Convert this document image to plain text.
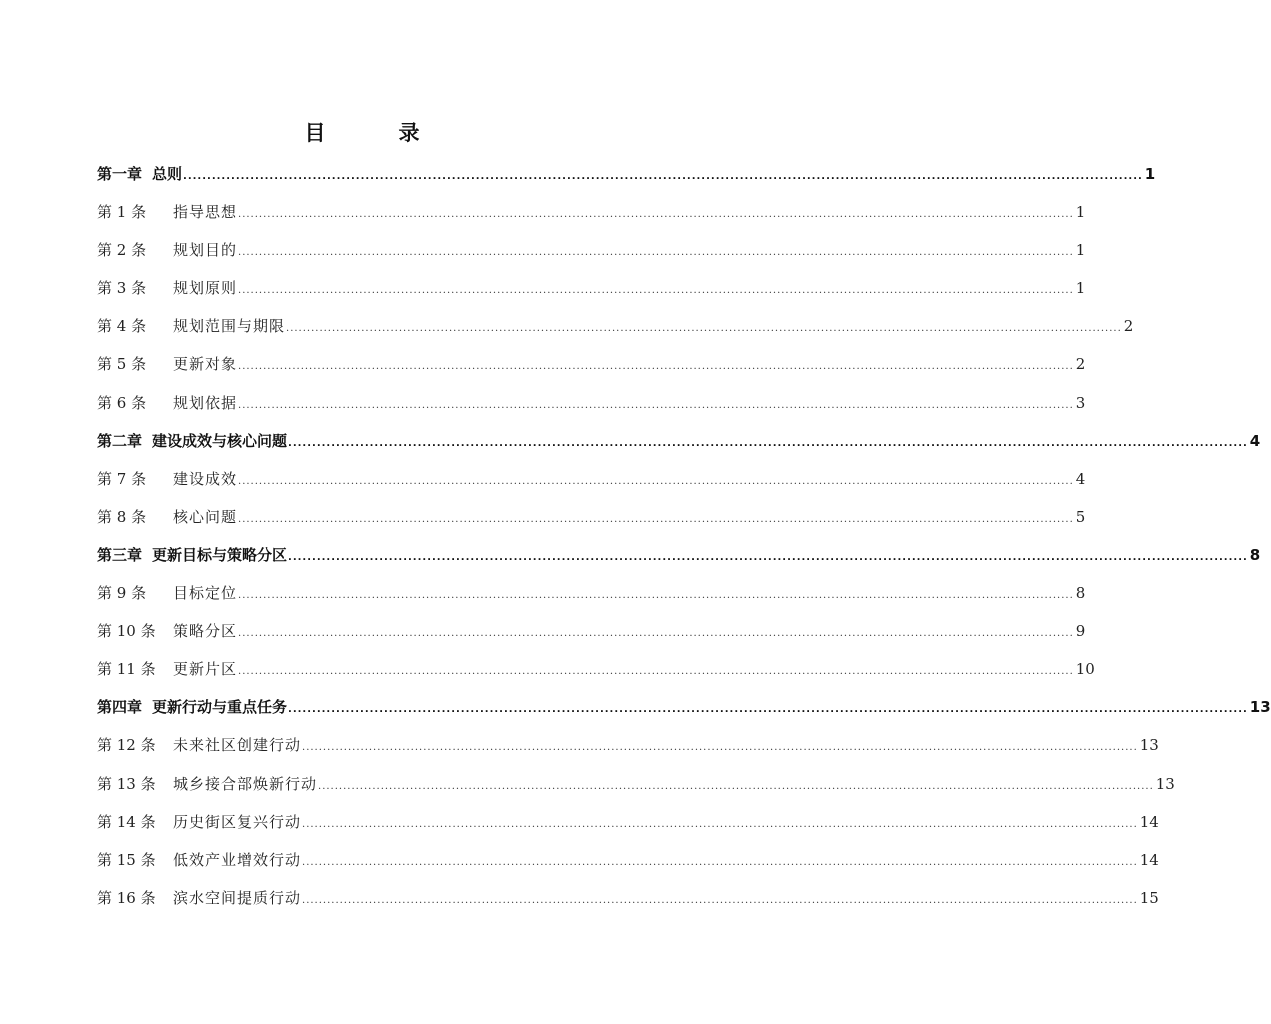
目　录
第一章 总则 ........................................................................................................................................................................................................ 1
第 1 条	指导思想 ........................................................................................................................................................................................................ 1
第 2 条	规划目的 ........................................................................................................................................................................................................ 1
第 3 条	规划原则 ........................................................................................................................................................................................................ 1
第 4 条	规划范围与期限 ........................................................................................................................................................................................................ 2
第 5 条	更新对象 ........................................................................................................................................................................................................ 2
第 6 条	规划依据 ........................................................................................................................................................................................................ 3
第二章 建设成效与核心问题 ........................................................................................................................................................................................................ 4
第 7 条	建设成效 ........................................................................................................................................................................................................ 4
第 8 条	核心问题 ........................................................................................................................................................................................................ 5
第三章 更新目标与策略分区 ........................................................................................................................................................................................................ 8
第 9 条	目标定位 ........................................................................................................................................................................................................ 8
第 10 条	策略分区 ........................................................................................................................................................................................................ 9
第 11 条	更新片区 ........................................................................................................................................................................................................ 10
第四章 更新行动与重点任务 ........................................................................................................................................................................................................ 13
第 12 条	未来社区创建行动 ........................................................................................................................................................................................................ 13
第 13 条	城乡接合部焕新行动 ........................................................................................................................................................................................................ 13
第 14 条	历史街区复兴行动 ........................................................................................................................................................................................................ 14
第 15 条	低效产业增效行动 ........................................................................................................................................................................................................ 14
第 16 条	滨水空间提质行动 ........................................................................................................................................................................................................ 15
